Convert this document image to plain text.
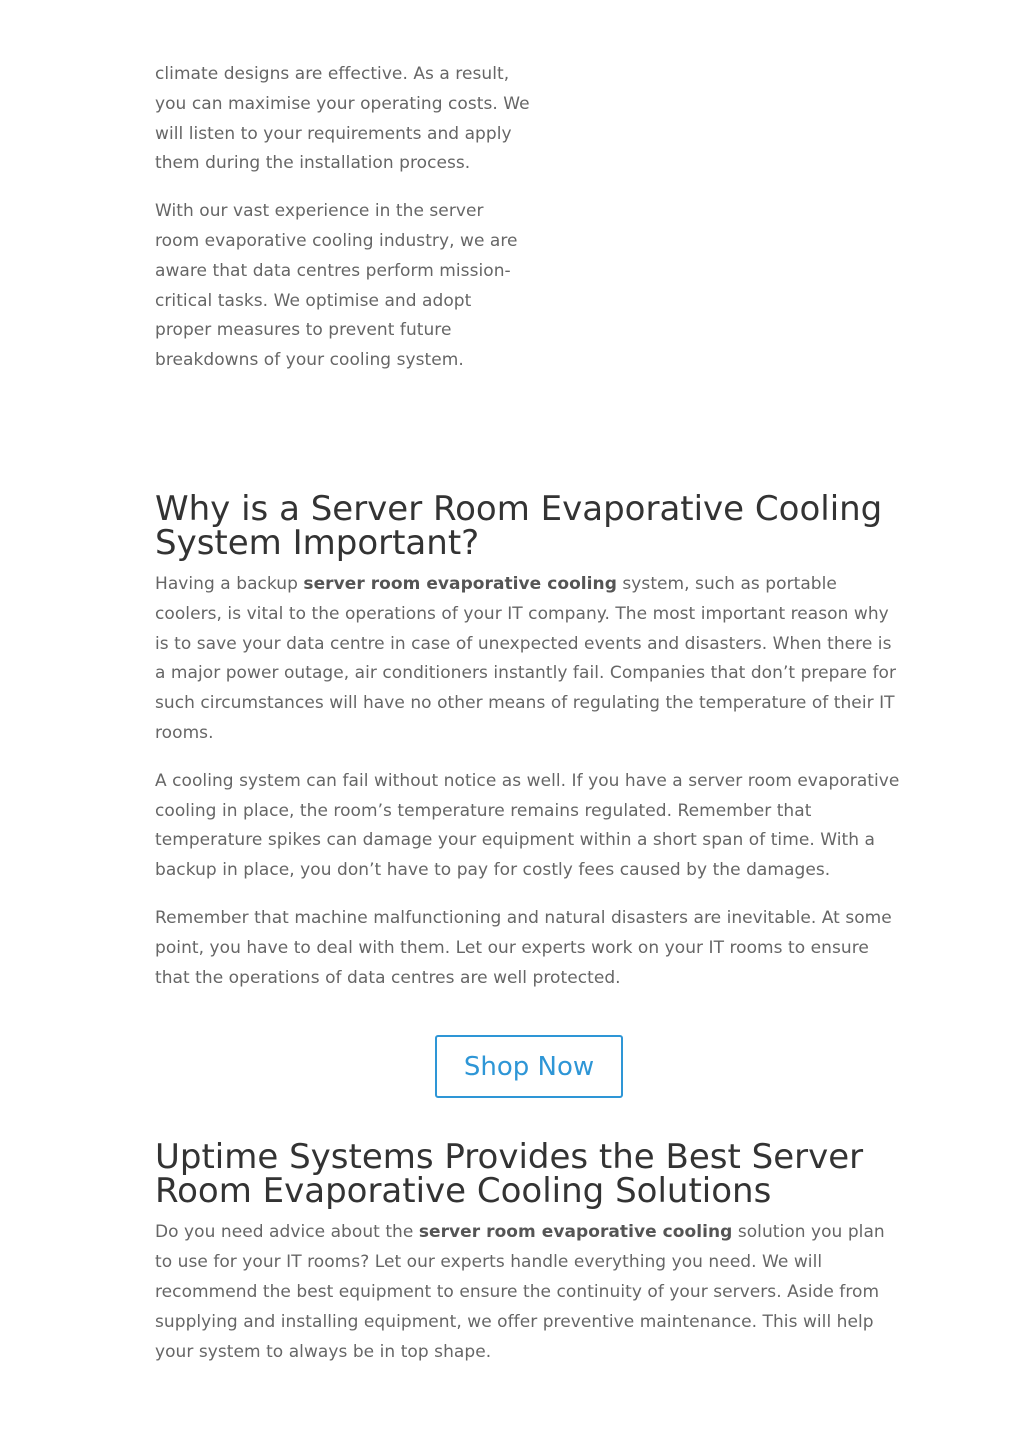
climate designs are effective. As a result, you can maximise your operating costs. We will listen to your requirements and apply them during the installation process.

With our vast experience in the server room evaporative cooling industry, we are aware that data centres perform mission-critical tasks. We optimise and adopt proper measures to prevent future breakdowns of your cooling system.

Why is a Server Room Evaporative Cooling System Important?

Having a backup server room evaporative cooling system, such as portable coolers, is vital to the operations of your IT company. The most important reason why is to save your data centre in case of unexpected events and disasters. When there is a major power outage, air conditioners instantly fail. Companies that don’t prepare for such circumstances will have no other means of regulating the temperature of their IT rooms.

A cooling system can fail without notice as well. If you have a server room evaporative cooling in place, the room’s temperature remains regulated. Remember that temperature spikes can damage your equipment within a short span of time. With a backup in place, you don’t have to pay for costly fees caused by the damages.

Remember that machine malfunctioning and natural disasters are inevitable. At some point, you have to deal with them. Let our experts work on your IT rooms to ensure that the operations of data centres are well protected.

Shop Now
Uptime Systems Provides the Best Server Room Evaporative Cooling Solutions

Do you need advice about the server room evaporative cooling solution you plan to use for your IT rooms? Let our experts handle everything you need. We will recommend the best equipment to ensure the continuity of your servers. Aside from supplying and installing equipment, we offer preventive maintenance. This will help your system to always be in top shape.
